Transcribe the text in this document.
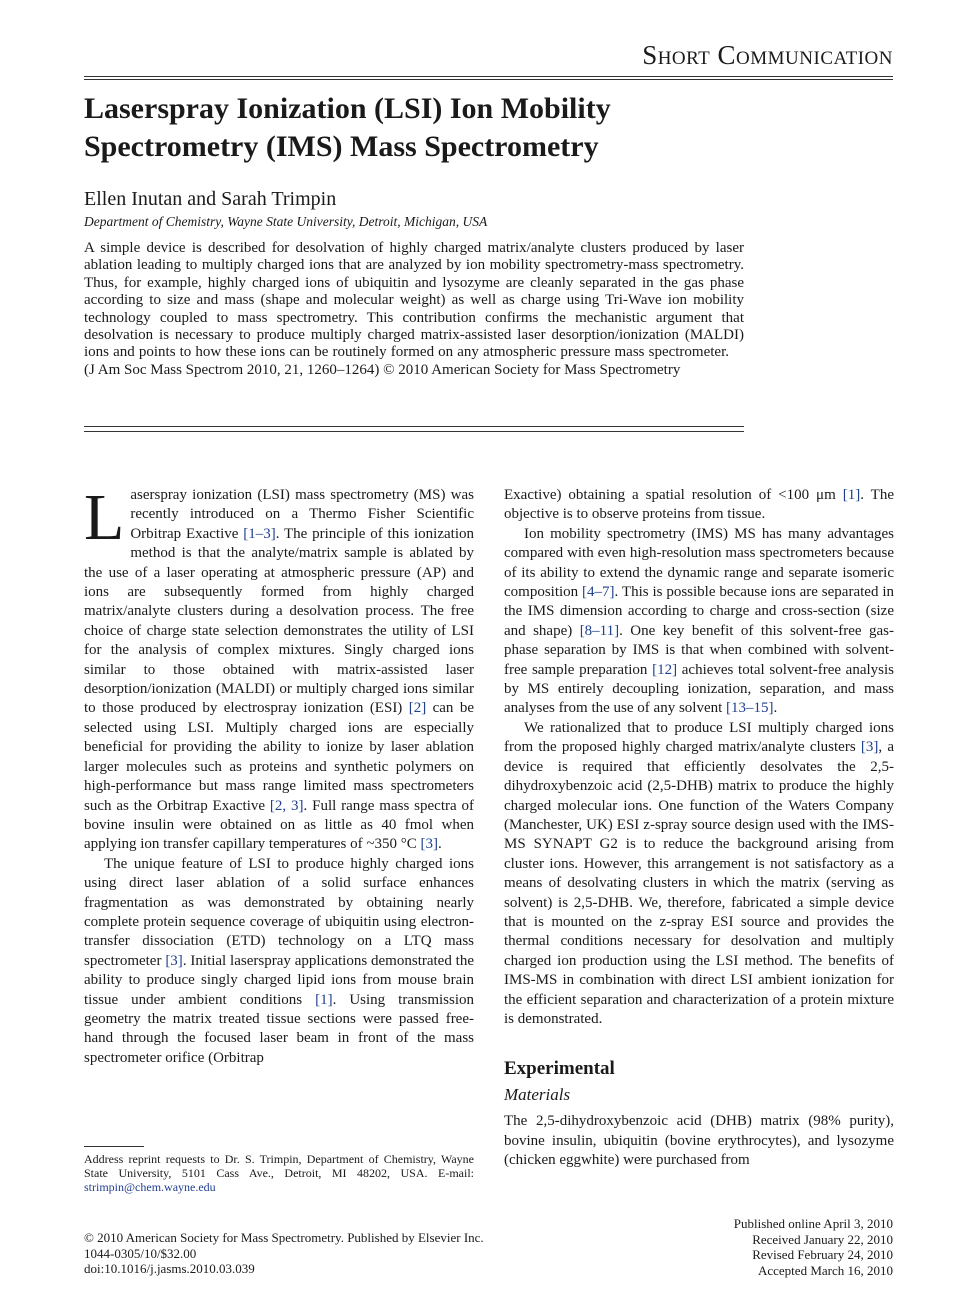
Short Communication
Laserspray Ionization (LSI) Ion Mobility Spectrometry (IMS) Mass Spectrometry
Ellen Inutan and Sarah Trimpin
Department of Chemistry, Wayne State University, Detroit, Michigan, USA

A simple device is described for desolvation of highly charged matrix/analyte clusters produced by laser ablation leading to multiply charged ions that are analyzed by ion mobility spectrometry-mass spectrometry. Thus, for example, highly charged ions of ubiquitin and lysozyme are cleanly separated in the gas phase according to size and mass (shape and molecular weight) as well as charge using Tri-Wave ion mobility technology coupled to mass spectrometry. This contribution confirms the mechanistic argument that desolvation is necessary to produce multiply charged matrix-assisted laser desorption/ionization (MALDI) ions and points to how these ions can be routinely formed on any atmospheric pressure mass spectrometer. (J Am Soc Mass Spectrom 2010, 21, 1260–1264) © 2010 American Society for Mass Spectrometry

Laserspray ionization (LSI) mass spectrometry (MS) was recently introduced on a Thermo Fisher Scientific Orbitrap Exactive [1–3]. The principle of this ionization method is that the analyte/matrix sample is ablated by the use of a laser operating at atmospheric pressure (AP) and ions are subsequently formed from highly charged matrix/analyte clusters during a desolvation process. The free choice of charge state selection demonstrates the utility of LSI for the analysis of complex mixtures. Singly charged ions similar to those obtained with matrix-assisted laser desorption/ionization (MALDI) or multiply charged ions similar to those produced by electrospray ionization (ESI) [2] can be selected using LSI. Multiply charged ions are especially beneficial for providing the ability to ionize by laser ablation larger molecules such as proteins and synthetic polymers on high-performance but mass range limited mass spectrometers such as the Orbitrap Exactive [2, 3]. Full range mass spectra of bovine insulin were obtained on as little as 40 fmol when applying ion transfer capillary temperatures of ~350 °C [3].

The unique feature of LSI to produce highly charged ions using direct laser ablation of a solid surface enhances fragmentation as was demonstrated by obtaining nearly complete protein sequence coverage of ubiquitin using electron-transfer dissociation (ETD) technology on a LTQ mass spectrometer [3]. Initial laserspray applications demonstrated the ability to produce singly charged lipid ions from mouse brain tissue under ambient conditions [1]. Using transmission geometry the matrix treated tissue sections were passed free-hand through the focused laser beam in front of the mass spectrometer orifice (Orbitrap

Exactive) obtaining a spatial resolution of <100 μm [1]. The objective is to observe proteins from tissue.

Ion mobility spectrometry (IMS) MS has many advantages compared with even high-resolution mass spectrometers because of its ability to extend the dynamic range and separate isomeric composition [4–7]. This is possible because ions are separated in the IMS dimension according to charge and cross-section (size and shape) [8–11]. One key benefit of this solvent-free gas-phase separation by IMS is that when combined with solvent-free sample preparation [12] achieves total solvent-free analysis by MS entirely decoupling ionization, separation, and mass analyses from the use of any solvent [13–15].

We rationalized that to produce LSI multiply charged ions from the proposed highly charged matrix/analyte clusters [3], a device is required that efficiently desolvates the 2,5-dihydroxybenzoic acid (2,5-DHB) matrix to produce the highly charged molecular ions. One function of the Waters Company (Manchester, UK) ESI z-spray source design used with the IMS-MS SYNAPT G2 is to reduce the background arising from cluster ions. However, this arrangement is not satisfactory as a means of desolvating clusters in which the matrix (serving as solvent) is 2,5-DHB. We, therefore, fabricated a simple device that is mounted on the z-spray ESI source and provides the thermal conditions necessary for desolvation and multiply charged ion production using the LSI method. The benefits of IMS-MS in combination with direct LSI ambient ionization for the efficient separation and characterization of a protein mixture is demonstrated.

Experimental
Materials

The 2,5-dihydroxybenzoic acid (DHB) matrix (98% purity), bovine insulin, ubiquitin (bovine erythrocytes), and lysozyme (chicken eggwhite) were purchased from

Address reprint requests to Dr. S. Trimpin, Department of Chemistry, Wayne State University, 5101 Cass Ave., Detroit, MI 48202, USA. E-mail: strimpin@chem.wayne.edu
© 2010 American Society for Mass Spectrometry. Published by Elsevier Inc.
1044-0305/10/$32.00
doi:10.1016/j.jasms.2010.03.039
Published online April 3, 2010
Received January 22, 2010
Revised February 24, 2010
Accepted March 16, 2010
